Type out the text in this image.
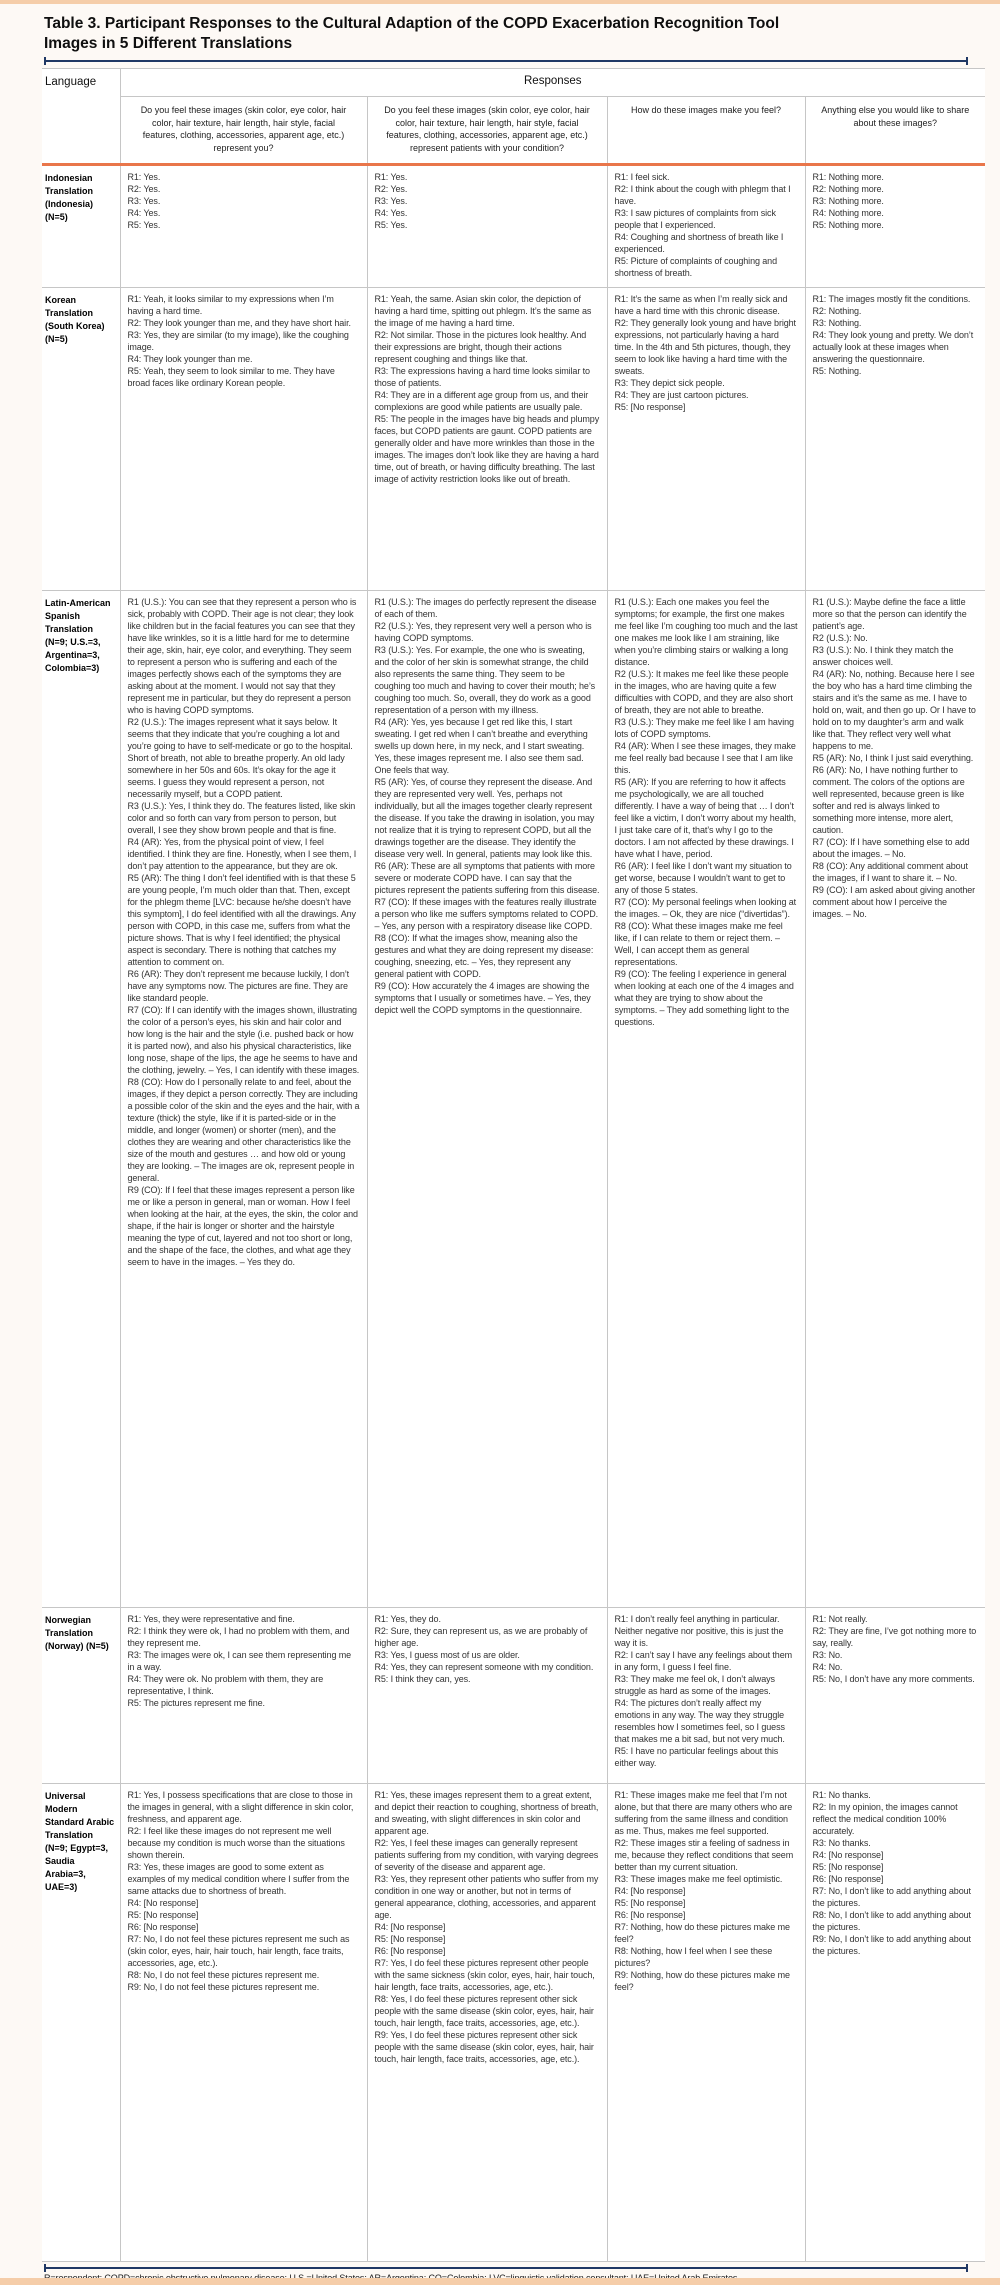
Table 3. Participant Responses to the Cultural Adaption of the COPD Exacerbation Recognition Tool Images in 5 Different Translations
Language	Responses			
	Do you feel these images (skin color, eye color, hair color, hair texture, hair length, hair style, facial features, clothing, accessories, apparent age, etc.) represent you?	Do you feel these images (skin color, eye color, hair color, hair texture, hair length, hair style, facial features, clothing, accessories, apparent age, etc.) represent patients with your condition?	How do these images make you feel?	Anything else you would like to share about these images?
Indonesian Translation (Indonesia) (N=5)	
R1: Yes.
R2: Yes.
R3: Yes.
R4: Yes.
R5: Yes.

R1: Yes.
R2: Yes.
R3: Yes.
R4: Yes.
R5: Yes.

R1: I feel sick.
R2: I think about the cough with phlegm that I have.
R3: I saw pictures of complaints from sick people that I experienced.
R4: Coughing and shortness of breath like I experienced.
R5: Picture of complaints of coughing and shortness of breath.

R1: Nothing more.
R2: Nothing more.
R3: Nothing more.
R4: Nothing more.
R5: Nothing more.

Korean Translation (South Korea) (N=5)	
R1: Yeah, it looks similar to my expressions when I’m having a hard time.
R2: They look younger than me, and they have short hair.
R3: Yes, they are similar (to my image), like the coughing image.
R4: They look younger than me.
R5: Yeah, they seem to look similar to me. They have broad faces like ordinary Korean people.

R1: Yeah, the same. Asian skin color, the depiction of having a hard time, spitting out phlegm. It’s the same as the image of me having a hard time.
R2: Not similar. Those in the pictures look healthy. And their expressions are bright, though their actions represent coughing and things like that.
R3: The expressions having a hard time looks similar to those of patients.
R4: They are in a different age group from us, and their complexions are good while patients are usually pale.
R5: The people in the images have big heads and plumpy faces, but COPD patients are gaunt. COPD patients are generally older and have more wrinkles than those in the images. The images don’t look like they are having a hard time, out of breath, or having difficulty breathing. The last image of activity restriction looks like out of breath.

R1: It’s the same as when I’m really sick and have a hard time with this chronic disease.
R2: They generally look young and have bright expressions, not particularly having a hard time. In the 4th and 5th pictures, though, they seem to look like having a hard time with the sweats.
R3: They depict sick people.
R4: They are just cartoon pictures.
R5: [No response]

R1: The images mostly fit the conditions.
R2: Nothing.
R3: Nothing.
R4: They look young and pretty. We don’t actually look at these images when answering the questionnaire.
R5: Nothing.

Latin-American Spanish Translation (N=9; U.S.=3, Argentina=3, Colombia=3)	
R1 (U.S.): You can see that they represent a person who is sick, probably with COPD. Their age is not clear; they look like children but in the facial features you can see that they have like wrinkles, so it is a little hard for me to determine their age, skin, hair, eye color, and everything. They seem to represent a person who is suffering and each of the images perfectly shows each of the symptoms they are asking about at the moment. I would not say that they represent me in particular, but they do represent a person who is having COPD symptoms.
R2 (U.S.): The images represent what it says below. It seems that they indicate that you’re coughing a lot and you’re going to have to self-medicate or go to the hospital. Short of breath, not able to breathe properly. An old lady somewhere in her 50s and 60s. It’s okay for the age it seems. I guess they would represent a person, not necessarily myself, but a COPD patient.
R3 (U.S.): Yes, I think they do. The features listed, like skin color and so forth can vary from person to person, but overall, I see they show brown people and that is fine.
R4 (AR): Yes, from the physical point of view, I feel identified. I think they are fine. Honestly, when I see them, I don’t pay attention to the appearance, but they are ok.
R5 (AR): The thing I don’t feel identified with is that these 5 are young people, I’m much older than that. Then, except for the phlegm theme [LVC: because he/she doesn’t have this symptom], I do feel identified with all the drawings. Any person with COPD, in this case me, suffers from what the picture shows. That is why I feel identified; the physical aspect is secondary. There is nothing that catches my attention to comment on.
R6 (AR): They don’t represent me because luckily, I don’t have any symptoms now. The pictures are fine. They are like standard people.
R7 (CO): If I can identify with the images shown, illustrating the color of a person’s eyes, his skin and hair color and how long is the hair and the style (i.e. pushed back or how it is parted now), and also his physical characteristics, like long nose, shape of the lips, the age he seems to have and the clothing, jewelry. – Yes, I can identify with these images.
R8 (CO): How do I personally relate to and feel, about the images, if they depict a person correctly. They are including a possible color of the skin and the eyes and the hair, with a texture (thick) the style, like if it is parted-side or in the middle, and longer (women) or shorter (men), and the clothes they are wearing and other characteristics like the size of the mouth and gestures … and how old or young they are looking. – The images are ok, represent people in general.
R9 (CO): If I feel that these images represent a person like me or like a person in general, man or woman. How I feel when looking at the hair, at the eyes, the skin, the color and shape, if the hair is longer or shorter and the hairstyle meaning the type of cut, layered and not too short or long, and the shape of the face, the clothes, and what age they seem to have in the images. – Yes they do.

R1 (U.S.): The images do perfectly represent the disease of each of them.
R2 (U.S.): Yes, they represent very well a person who is having COPD symptoms.
R3 (U.S.): Yes. For example, the one who is sweating, and the color of her skin is somewhat strange, the child also represents the same thing. They seem to be coughing too much and having to cover their mouth; he’s coughing too much. So, overall, they do work as a good representation of a person with my illness.
R4 (AR): Yes, yes because I get red like this, I start sweating. I get red when I can’t breathe and everything swells up down here, in my neck, and I start sweating. Yes, these images represent me. I also see them sad. One feels that way.
R5 (AR): Yes, of course they represent the disease. And they are represented very well. Yes, perhaps not individually, but all the images together clearly represent the disease. If you take the drawing in isolation, you may not realize that it is trying to represent COPD, but all the drawings together are the disease. They identify the disease very well. In general, patients may look like this.
R6 (AR): These are all symptoms that patients with more severe or moderate COPD have. I can say that the pictures represent the patients suffering from this disease.
R7 (CO): If these images with the features really illustrate a person who like me suffers symptoms related to COPD. – Yes, any person with a respiratory disease like COPD.
R8 (CO): If what the images show, meaning also the gestures and what they are doing represent my disease: coughing, sneezing, etc. – Yes, they represent any general patient with COPD.
R9 (CO): How accurately the 4 images are showing the symptoms that I usually or sometimes have. – Yes, they depict well the COPD symptoms in the questionnaire.

R1 (U.S.): Each one makes you feel the symptoms; for example, the first one makes me feel like I’m coughing too much and the last one makes me look like I am straining, like when you’re climbing stairs or walking a long distance.
R2 (U.S.): It makes me feel like these people in the images, who are having quite a few difficulties with COPD, and they are also short of breath, they are not able to breathe.
R3 (U.S.): They make me feel like I am having lots of COPD symptoms.
R4 (AR): When I see these images, they make me feel really bad because I see that I am like this.
R5 (AR): If you are referring to how it affects me psychologically, we are all touched differently. I have a way of being that … I don’t feel like a victim, I don’t worry about my health, I just take care of it, that’s why I go to the doctors. I am not affected by these drawings. I have what I have, period.
R6 (AR): I feel like I don’t want my situation to get worse, because I wouldn’t want to get to any of those 5 states.
R7 (CO): My personal feelings when looking at the images. – Ok, they are nice (“divertidas”).
R8 (CO): What these images make me feel like, if I can relate to them or reject them. – Well, I can accept them as general representations.
R9 (CO): The feeling I experience in general when looking at each one of the 4 images and what they are trying to show about the symptoms. – They add something light to the questions.

R1 (U.S.): Maybe define the face a little more so that the person can identify the patient’s age.
R2 (U.S.): No.
R3 (U.S.): No. I think they match the answer choices well.
R4 (AR): No, nothing. Because here I see the boy who has a hard time climbing the stairs and it’s the same as me. I have to hold on, wait, and then go up. Or I have to hold on to my daughter’s arm and walk like that. They reflect very well what happens to me.
R5 (AR): No, I think I just said everything.
R6 (AR): No, I have nothing further to comment. The colors of the options are well represented, because green is like softer and red is always linked to something more intense, more alert, caution.
R7 (CO): If I have something else to add about the images. – No.
R8 (CO): Any additional comment about the images, if I want to share it. – No.
R9 (CO): I am asked about giving another comment about how I perceive the images. – No.

Norwegian Translation (Norway) (N=5)	
R1: Yes, they were representative and fine.
R2: I think they were ok, I had no problem with them, and they represent me.
R3: The images were ok, I can see them representing me in a way.
R4: They were ok. No problem with them, they are representative, I think.
R5: The pictures represent me fine.

R1: Yes, they do.
R2: Sure, they can represent us, as we are probably of higher age.
R3: Yes, I guess most of us are older.
R4: Yes, they can represent someone with my condition.
R5: I think they can, yes.

R1: I don’t really feel anything in particular. Neither negative nor positive, this is just the way it is.
R2: I can’t say I have any feelings about them in any form, I guess I feel fine.
R3: They make me feel ok, I don’t always struggle as hard as some of the images.
R4: The pictures don’t really affect my emotions in any way. The way they struggle resembles how I sometimes feel, so I guess that makes me a bit sad, but not very much.
R5: I have no particular feelings about this either way.

R1: Not really.
R2: They are fine, I’ve got nothing more to say, really.
R3: No.
R4: No.
R5: No, I don’t have any more comments.

Universal Modern Standard Arabic Translation (N=9; Egypt=3, Saudia Arabia=3, UAE=3)	
R1: Yes, I possess specifications that are close to those in the images in general, with a slight difference in skin color, freshness, and apparent age.
R2: I feel like these images do not represent me well because my condition is much worse than the situations shown therein.
R3: Yes, these images are good to some extent as examples of my medical condition where I suffer from the same attacks due to shortness of breath.
R4: [No response]
R5: [No response]
R6: [No response]
R7: No, I do not feel these pictures represent me such as (skin color, eyes, hair, hair touch, hair length, face traits, accessories, age, etc.).
R8: No, I do not feel these pictures represent me.
R9: No, I do not feel these pictures represent me.

R1: Yes, these images represent them to a great extent, and depict their reaction to coughing, shortness of breath, and sweating, with slight differences in skin color and apparent age.
R2: Yes, I feel these images can generally represent patients suffering from my condition, with varying degrees of severity of the disease and apparent age.
R3: Yes, they represent other patients who suffer from my condition in one way or another, but not in terms of general appearance, clothing, accessories, and apparent age.
R4: [No response]
R5: [No response]
R6: [No response]
R7: Yes, I do feel these pictures represent other people with the same sickness (skin color, eyes, hair, hair touch, hair length, face traits, accessories, age, etc.).
R8: Yes, I do feel these pictures represent other sick people with the same disease (skin color, eyes, hair, hair touch, hair length, face traits, accessories, age, etc.).
R9: Yes, I do feel these pictures represent other sick people with the same disease (skin color, eyes, hair, hair touch, hair length, face traits, accessories, age, etc.).

R1: These images make me feel that I’m not alone, but that there are many others who are suffering from the same illness and condition as me. Thus, makes me feel supported.
R2: These images stir a feeling of sadness in me, because they reflect conditions that seem better than my current situation.
R3: These images make me feel optimistic.
R4: [No response]
R5: [No response]
R6: [No response]
R7: Nothing, how do these pictures make me feel?
R8: Nothing, how I feel when I see these pictures?
R9: Nothing, how do these pictures make me feel?

R1: No thanks.
R2: In my opinion, the images cannot reflect the medical condition 100% accurately.
R3: No thanks.
R4: [No response]
R5: [No response]
R6: [No response]
R7: No, I don’t like to add anything about the pictures.
R8: No, I don’t like to add anything about the pictures.
R9: No, I don’t like to add anything about the pictures.
